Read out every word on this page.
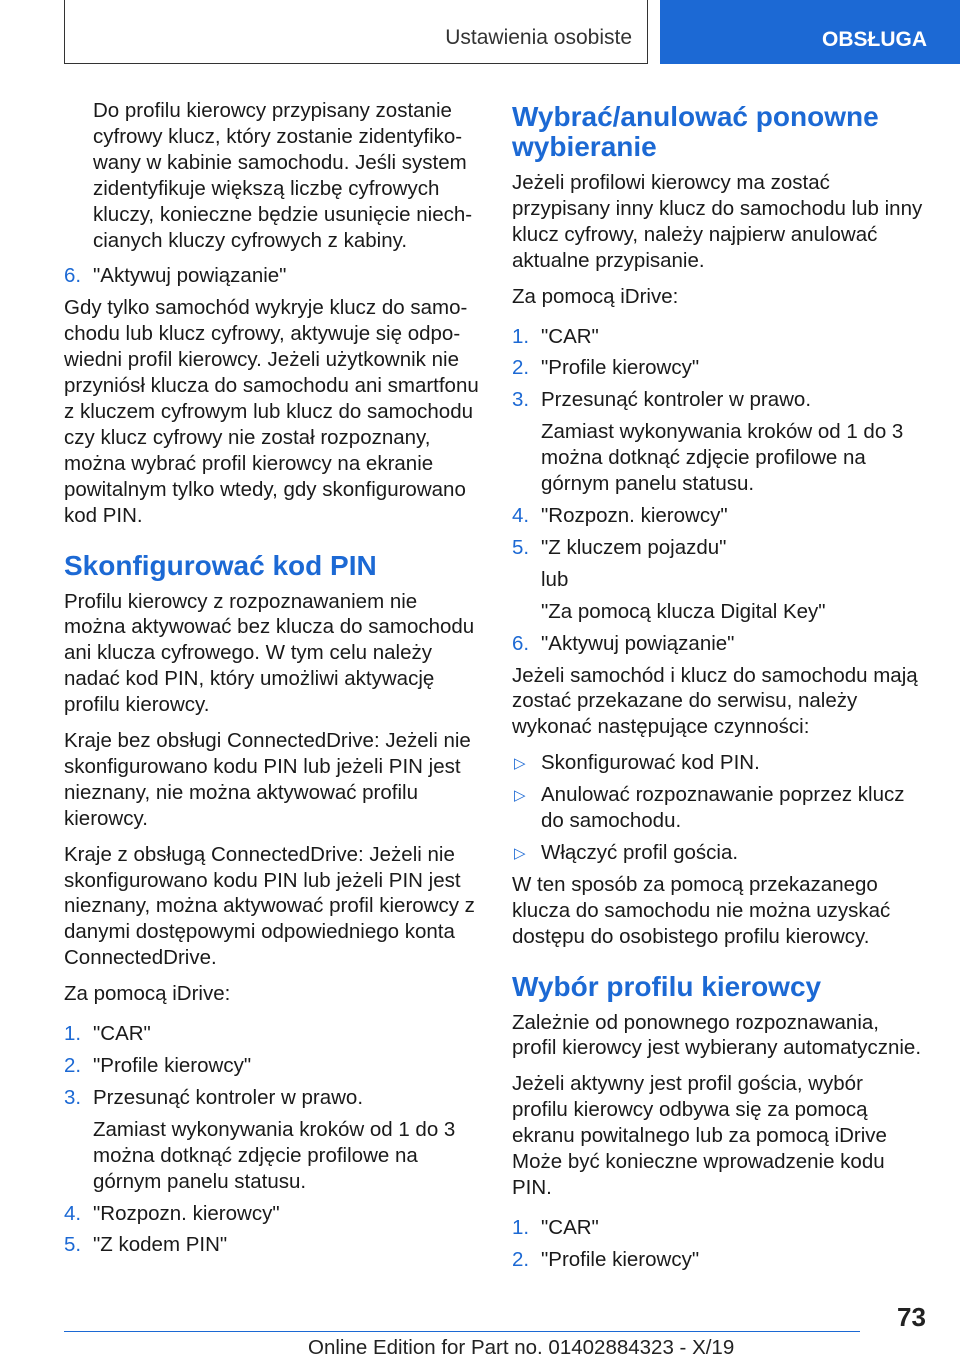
Ustawienia osobiste	OBSŁUGA

Do profilu kierowcy przypisany zostanie cyfrowy klucz, który zostanie zidentyfikowany w kabinie samochodu. Jeśli system zidentyfikuje większą liczbę cyfrowych kluczy, konieczne będzie usunięcie niechcianych kluczy cyfrowych z kabiny.

6. "Aktywuj powiązanie"

Gdy tylko samochód wykryje klucz do samochodu lub klucz cyfrowy, aktywuje się odpowiedni profil kierowcy. Jeżeli użytkownik nie przyniósł klucza do samochodu ani smartfonu z kluczem cyfrowym lub klucz do samochodu czy klucz cyfrowy nie został rozpoznany, można wybrać profil kierowcy na ekranie powitalnym tylko wtedy, gdy skonfigurowano kod PIN.

Skonfigurować kod PIN

Profilu kierowcy z rozpoznawaniem nie można aktywować bez klucza do samochodu ani klucza cyfrowego. W tym celu należy nadać kod PIN, który umożliwi aktywację profilu kierowcy.

Kraje bez obsługi ConnectedDrive: Jeżeli nie skonfigurowano kodu PIN lub jeżeli PIN jest nieznany, nie można aktywować profilu kierowcy.

Kraje z obsługą ConnectedDrive: Jeżeli nie skonfigurowano kodu PIN lub jeżeli PIN jest nieznany, można aktywować profil kierowcy z danymi dostępowymi odpowiedniego konta ConnectedDrive.

Za pomocą iDrive:

1. "CAR"
2. "Profile kierowcy"
3. Przesunąć kontroler w prawo.
Zamiast wykonywania kroków od 1 do 3 można dotknąć zdjęcie profilowe na górnym panelu statusu.
4. "Rozpozn. kierowcy"
5. "Z kodem PIN"
Wybrać/anulować ponowne wybieranie

Jeżeli profilowi kierowcy ma zostać przypisany inny klucz do samochodu lub inny klucz cyfrowy, należy najpierw anulować aktualne przypisanie.

Za pomocą iDrive:

1. "CAR"
2. "Profile kierowcy"
3. Przesunąć kontroler w prawo.
Zamiast wykonywania kroków od 1 do 3 można dotknąć zdjęcie profilowe na górnym panelu statusu.
4. "Rozpozn. kierowcy"
5. "Z kluczem pojazdu"
lub
"Za pomocą klucza Digital Key"
6. "Aktywuj powiązanie"

Jeżeli samochód i klucz do samochodu mają zostać przekazane do serwisu, należy wykonać następujące czynności:

▷ Skonfigurować kod PIN.
▷ Anulować rozpoznawanie poprzez klucz do samochodu.
▷ Włączyć profil gościa.

W ten sposób za pomocą przekazanego klucza do samochodu nie można uzyskać dostępu do osobistego profilu kierowcy.

Wybór profilu kierowcy

Zależnie od ponownego rozpoznawania, profil kierowcy jest wybierany automatycznie.

Jeżeli aktywny jest profil gościa, wybór profilu kierowcy odbywa się za pomocą ekranu powitalnego lub za pomocą iDrive Może być konieczne wprowadzenie kodu PIN.

1. "CAR"
2. "Profile kierowcy"
73
Online Edition for Part no. 01402884323 - X/19
